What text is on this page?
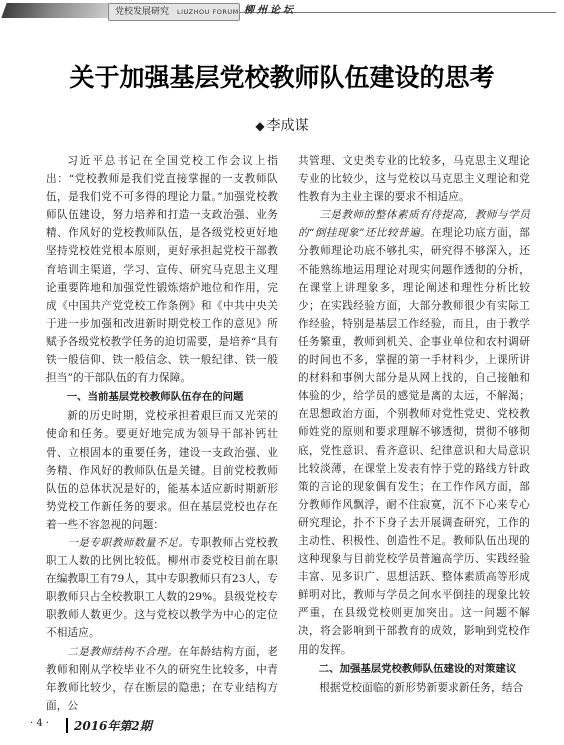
党校发展研究 LIUZHOU FORUM 柳州论坛
关于加强基层党校教师队伍建设的思考
◆ 李成谋

习近平总书记在全国党校工作会议上指出：“党校教师是我们党直接掌握的一支教师队伍，是我们党不可多得的理论力量。”加强党校教师队伍建设，努力培养和打造一支政治强、业务精、作风好的党校教师队伍，是各级党校更好地坚持党校姓党根本原则，更好承担起党校干部教育培训主渠道，学习、宣传、研究马克思主义理论重要阵地和加强党性锻炼熔炉地位和作用，完成《中国共产党党校工作条例》和《中共中央关于进一步加强和改进新时期党校工作的意见》所赋予各级党校教学任务的迫切需要，是培养“具有铁一般信仰、铁一般信念、铁一般纪律、铁一般担当”的干部队伍的有力保障。

一、当前基层党校教师队伍存在的问题

新的历史时期，党校承担着艰巨而又光荣的使命和任务。要更好地完成为领导干部补钙壮骨、立根固本的重要任务，建设一支政治强、业务精、作风好的教师队伍是关键。目前党校教师队伍的总体状况是好的，能基本适应新时期新形势党校工作新任务的要求。但在基层党校也存在着一些不容忽视的问题：

一是专职教师数量不足。专职教师占党校教职工人数的比例比较低。柳州市委党校目前在职在编教职工有79人，其中专职教师只有23人，专职教师只占全校教职工人数的29%。县级党校专职教师人数更少。这与党校以教学为中心的定位不相适应。

二是教师结构不合理。在年龄结构方面，老教师和刚从学校毕业不久的研究生比较多，中青年教师比较少，存在断层的隐患；在专业结构方面，公

共管理、文史类专业的比较多，马克思主义理论专业的比较少，这与党校以马克思主义理论和党性教育为主业主课的要求不相适应。

三是教师的整体素质有待提高，教师与学员的“倒挂现象”还比较普遍。在理论功底方面，部分教师理论功底不够扎实，研究得不够深入，还不能熟练地运用理论对现实问题作透彻的分析，在课堂上讲理象多，理论阐述和理性分析比较少；在实践经验方面，大部分教师很少有实际工作经验，特别是基层工作经验，而且，由于教学任务繁重，教师到机关、企事业单位和农村调研的时间也不多，掌握的第一手材料少，上课所讲的材料和事例大部分是从网上找的，自己接触和体验的少，给学员的感觉是离的太远，不解渴；在思想政治方面，个别教师对党性党史、党校教师姓党的原则和要求理解不够透彻，贯彻不够彻底，党性意识、看齐意识、纪律意识和大局意识比较淡薄，在课堂上发表有悖于党的路线方针政策的言论的现象偶有发生；在工作作风方面，部分教师作风飘浮，耐不住寂寞，沉不下心来专心研究理论，扑不下身子去开展调查研究，工作的主动性、积极性、创造性不足。教师队伍出现的这种现象与目前党校学员普遍高学历、实践经验丰富、见多识广、思想活跃、整体素质高等形成鲜明对比，教师与学员之间水平倒挂的现象比较严重，在县级党校则更加突出。这一问题不解决，将会影响到干部教育的成效，影响到党校作用的发挥。

二、加强基层党校教师队伍建设的对策建议

根据党校面临的新形势新要求新任务，结合

· 4 · 2016年第2期
